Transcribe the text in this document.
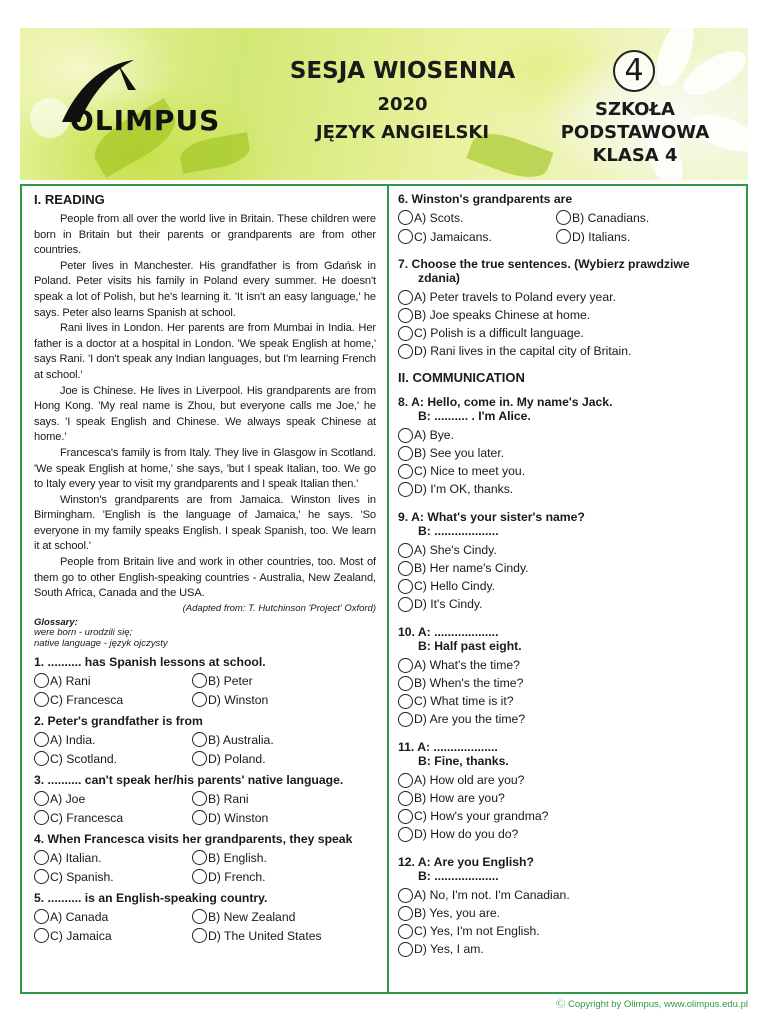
OLIMPUS
SESJA WIOSENNA
2020
JĘZYK ANGIELSKI
4
SZKOŁA
PODSTAWOWA
KLASA 4
I. READING

People from all over the world live in Britain. These children were born in Britain but their parents or grandparents are from other countries.

Peter lives in Manchester. His grandfather is from Gdańsk in Poland. Peter visits his family in Poland every summer. He doesn't speak a lot of Polish, but he's learning it. 'It isn't an easy language,' he says. Peter also learns Spanish at school.

Rani lives in London. Her parents are from Mumbai in India. Her father is a doctor at a hospital in London. 'We speak English at home,' says Rani. 'I don't speak any Indian languages, but I'm learning French at school.'

Joe is Chinese. He lives in Liverpool. His grandparents are from Hong Kong. 'My real name is Zhou, but everyone calls me Joe,' he says. 'I speak English and Chinese. We always speak Chinese at home.'

Francesca's family is from Italy. They live in Glasgow in Scotland. 'We speak English at home,' she says, 'but I speak Italian, too. We go to Italy every year to visit my grandparents and I speak Italian then.'

Winston's grandparents are from Jamaica. Winston lives in Birmingham. 'English is the language of Jamaica,' he says. 'So everyone in my family speaks English. I speak Spanish, too. We learn it at school.'

People from Britain live and work in other countries, too. Most of them go to other English-speaking countries - Australia, New Zealand, South Africa, Canada and the USA.

(Adapted from: T. Hutchinson 'Project' Oxford)
Glossary:
were born - urodzili się;
native language - język ojczysty
1. .......... has Spanish lessons at school.
A) Rani	B) Peter
C) Francesca	D) Winston
2. Peter's grandfather is from
A) India.	B) Australia.
C) Scotland.	D) Poland.
3. .......... can't speak her/his parents' native language.
A) Joe	B) Rani
C) Francesca	D) Winston
4. When Francesca visits her grandparents, they speak
A) Italian.	B) English.
C) Spanish.	D) French.
5. .......... is an English-speaking country.
A) Canada	B) New Zealand
C) Jamaica	D) The United States
6. Winston's grandparents are
A) Scots.	B) Canadians.
C) Jamaicans.	D) Italians.
7. Choose the true sentences. (Wybierz prawdziwe
zdania)
A) Peter travels to Poland every year.
B) Joe speaks Chinese at home.
C) Polish is a difficult language.
D) Rani lives in the capital city of Britain.
II. COMMUNICATION
8. A: Hello, come in. My name's Jack.
B: .......... . I'm Alice.
A) Bye.
B) See you later.
C) Nice to meet you.
D) I'm OK, thanks.
9. A: What's your sister's name?
B: ...................
A) She's Cindy.
B) Her name's Cindy.
C) Hello Cindy.
D) It's Cindy.
10. A: ...................
B: Half past eight.
A) What's the time?
B) When's the time?
C) What time is it?
D) Are you the time?
11. A: ...................
B: Fine, thanks.
A) How old are you?
B) How are you?
C) How's your grandma?
D) How do you do?
12. A: Are you English?
B: ...................
A) No, I'm not. I'm Canadian.
B) Yes, you are.
C) Yes, I'm not English.
D) Yes, I am.
Ⓒ Copyright by Olimpus, www.olimpus.edu.pl
